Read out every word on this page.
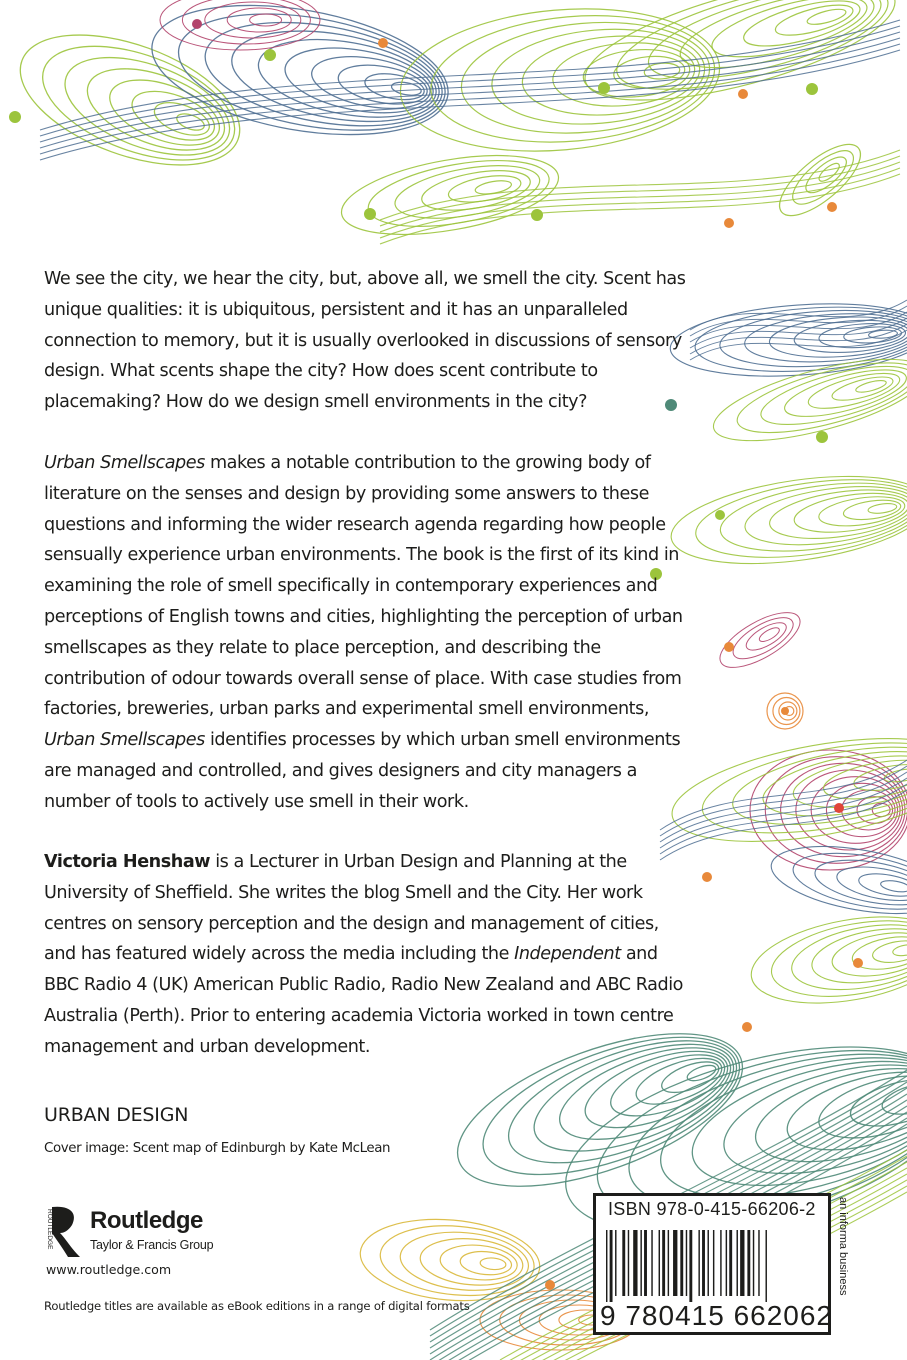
We see the city, we hear the city, but, above all, we smell the city. Scent has unique qualities: it is ubiquitous, persistent and it has an unparalleled connection to memory, but it is usually overlooked in discussions of sensory design. What scents shape the city? How does scent contribute to placemaking? How do we design smell environments in the city?

Urban Smellscapes makes a notable contribution to the growing body of literature on the senses and design by providing some answers to these questions and informing the wider research agenda regarding how people sensually experience urban environments. The book is the first of its kind in examining the role of smell specifically in contemporary experiences and perceptions of English towns and cities, highlighting the perception of urban smellscapes as they relate to place perception, and describing the contribution of odour towards overall sense of place. With case studies from factories, breweries, urban parks and experimental smell environments, Urban Smellscapes identifies processes by which urban smell environments are managed and controlled, and gives designers and city managers a number of tools to actively use smell in their work.

Victoria Henshaw is a Lecturer in Urban Design and Planning at the University of Sheffield. She writes the blog Smell and the City. Her work centres on sensory perception and the design and management of cities, and has featured widely across the media including the Independent and BBC Radio 4 (UK) American Public Radio, Radio New Zealand and ABC Radio Australia (Perth). Prior to entering academia Victoria worked in town centre management and urban development.

URBAN DESIGN

Cover image: Scent map of Edinburgh by Kate McLean

ROUTLEDGE Routledge
Taylor & Francis Group

www.routledge.com

Routledge titles are available as eBook editions in a range of digital formats

ISBN 978-0-415-66206-2
9 780415 662062
an informa business
